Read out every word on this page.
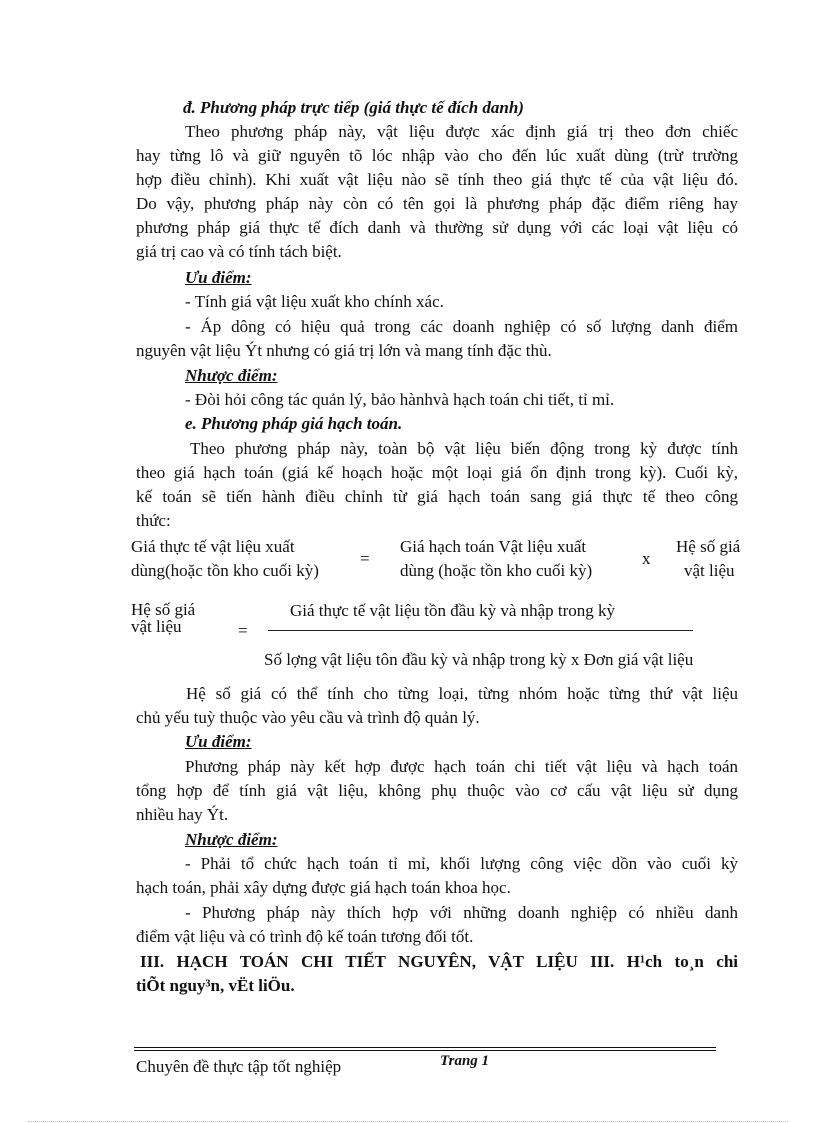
đ. Phương pháp trực tiếp (giá thực tế đích danh)
Theo phương pháp này, vật liệu được xác định giá trị theo đơn chiếc
hay từng lô và giữ nguyên tõ lóc nhập vào cho đến lúc xuất dùng (trừ trường
hợp điều chỉnh). Khi xuất vật liệu nào sẽ tính theo giá thực tế của vật liệu đó.
Do vậy, phương pháp này còn có tên gọi là phương pháp đặc điểm riêng hay
phương pháp giá thực tế đích danh và thường sử dụng với các loại vật liệu có
giá trị cao và có tính tách biệt.
Ưu điểm:
- Tính giá vật liệu xuất kho chính xác.
- Áp dông có hiệu quả trong các doanh nghiệp có số lượng danh điểm
nguyên vật liệu Ýt nhưng có giá trị lớn và mang tính đặc thù.
Nhược điểm:
- Đòi hỏi công tác quản lý, bảo hànhvà hạch toán chi tiết, tỉ mỉ.
e. Phương pháp giá hạch toán.
Theo phương pháp này, toàn bộ vật liệu biến động trong kỳ được tính
theo giá hạch toán (giá kế hoạch hoặc một loại giá ổn định trong kỳ). Cuối kỳ,
kế toán sẽ tiến hành điều chỉnh từ giá hạch toán sang giá thực tế theo công
thức:
Giá thực tế vật liệu xuất
dùng(hoặc tồn kho cuối kỳ)
=
Giá hạch toán Vật liệu xuất
dùng (hoặc tồn kho cuối kỳ)
x
Hệ số giá
vật liệu
Hệ số giá
vật liệu	=
Giá thực tế vật liệu tồn đầu kỳ và nhập trong kỳ
Số lợng vật liệu tôn đầu kỳ và nhập trong kỳ x Đơn giá vật liệu
Hệ số giá có thể tính cho từng loại, từng nhóm hoặc từng thứ vật liệu
chủ yếu tuỳ thuộc vào yêu cầu và trình độ quản lý.
Ưu điểm:
Phương pháp này kết hợp được hạch toán chi tiết vật liệu và hạch toán
tổng hợp để tính giá vật liệu, không phụ thuộc vào cơ cấu vật liệu sử dụng
nhiều hay Ýt.
Nhược điểm:
- Phải tổ chức hạch toán tỉ mỉ, khối lượng công việc dồn vào cuối kỳ
hạch toán, phải xây dựng được giá hạch toán khoa học.
- Phương pháp này thích hợp với những doanh nghiệp có nhiều danh
điểm vật liệu và có trình độ kế toán tương đối tốt.
III. HẠCH TOÁN CHI TIẾT NGUYÊN, VẬT LIỆU III. H¹ch to¸n chi
tiÕt nguy³n, vËt liÖu.
Chuyên đề thực tập tốt nghiệp	Trang 1
